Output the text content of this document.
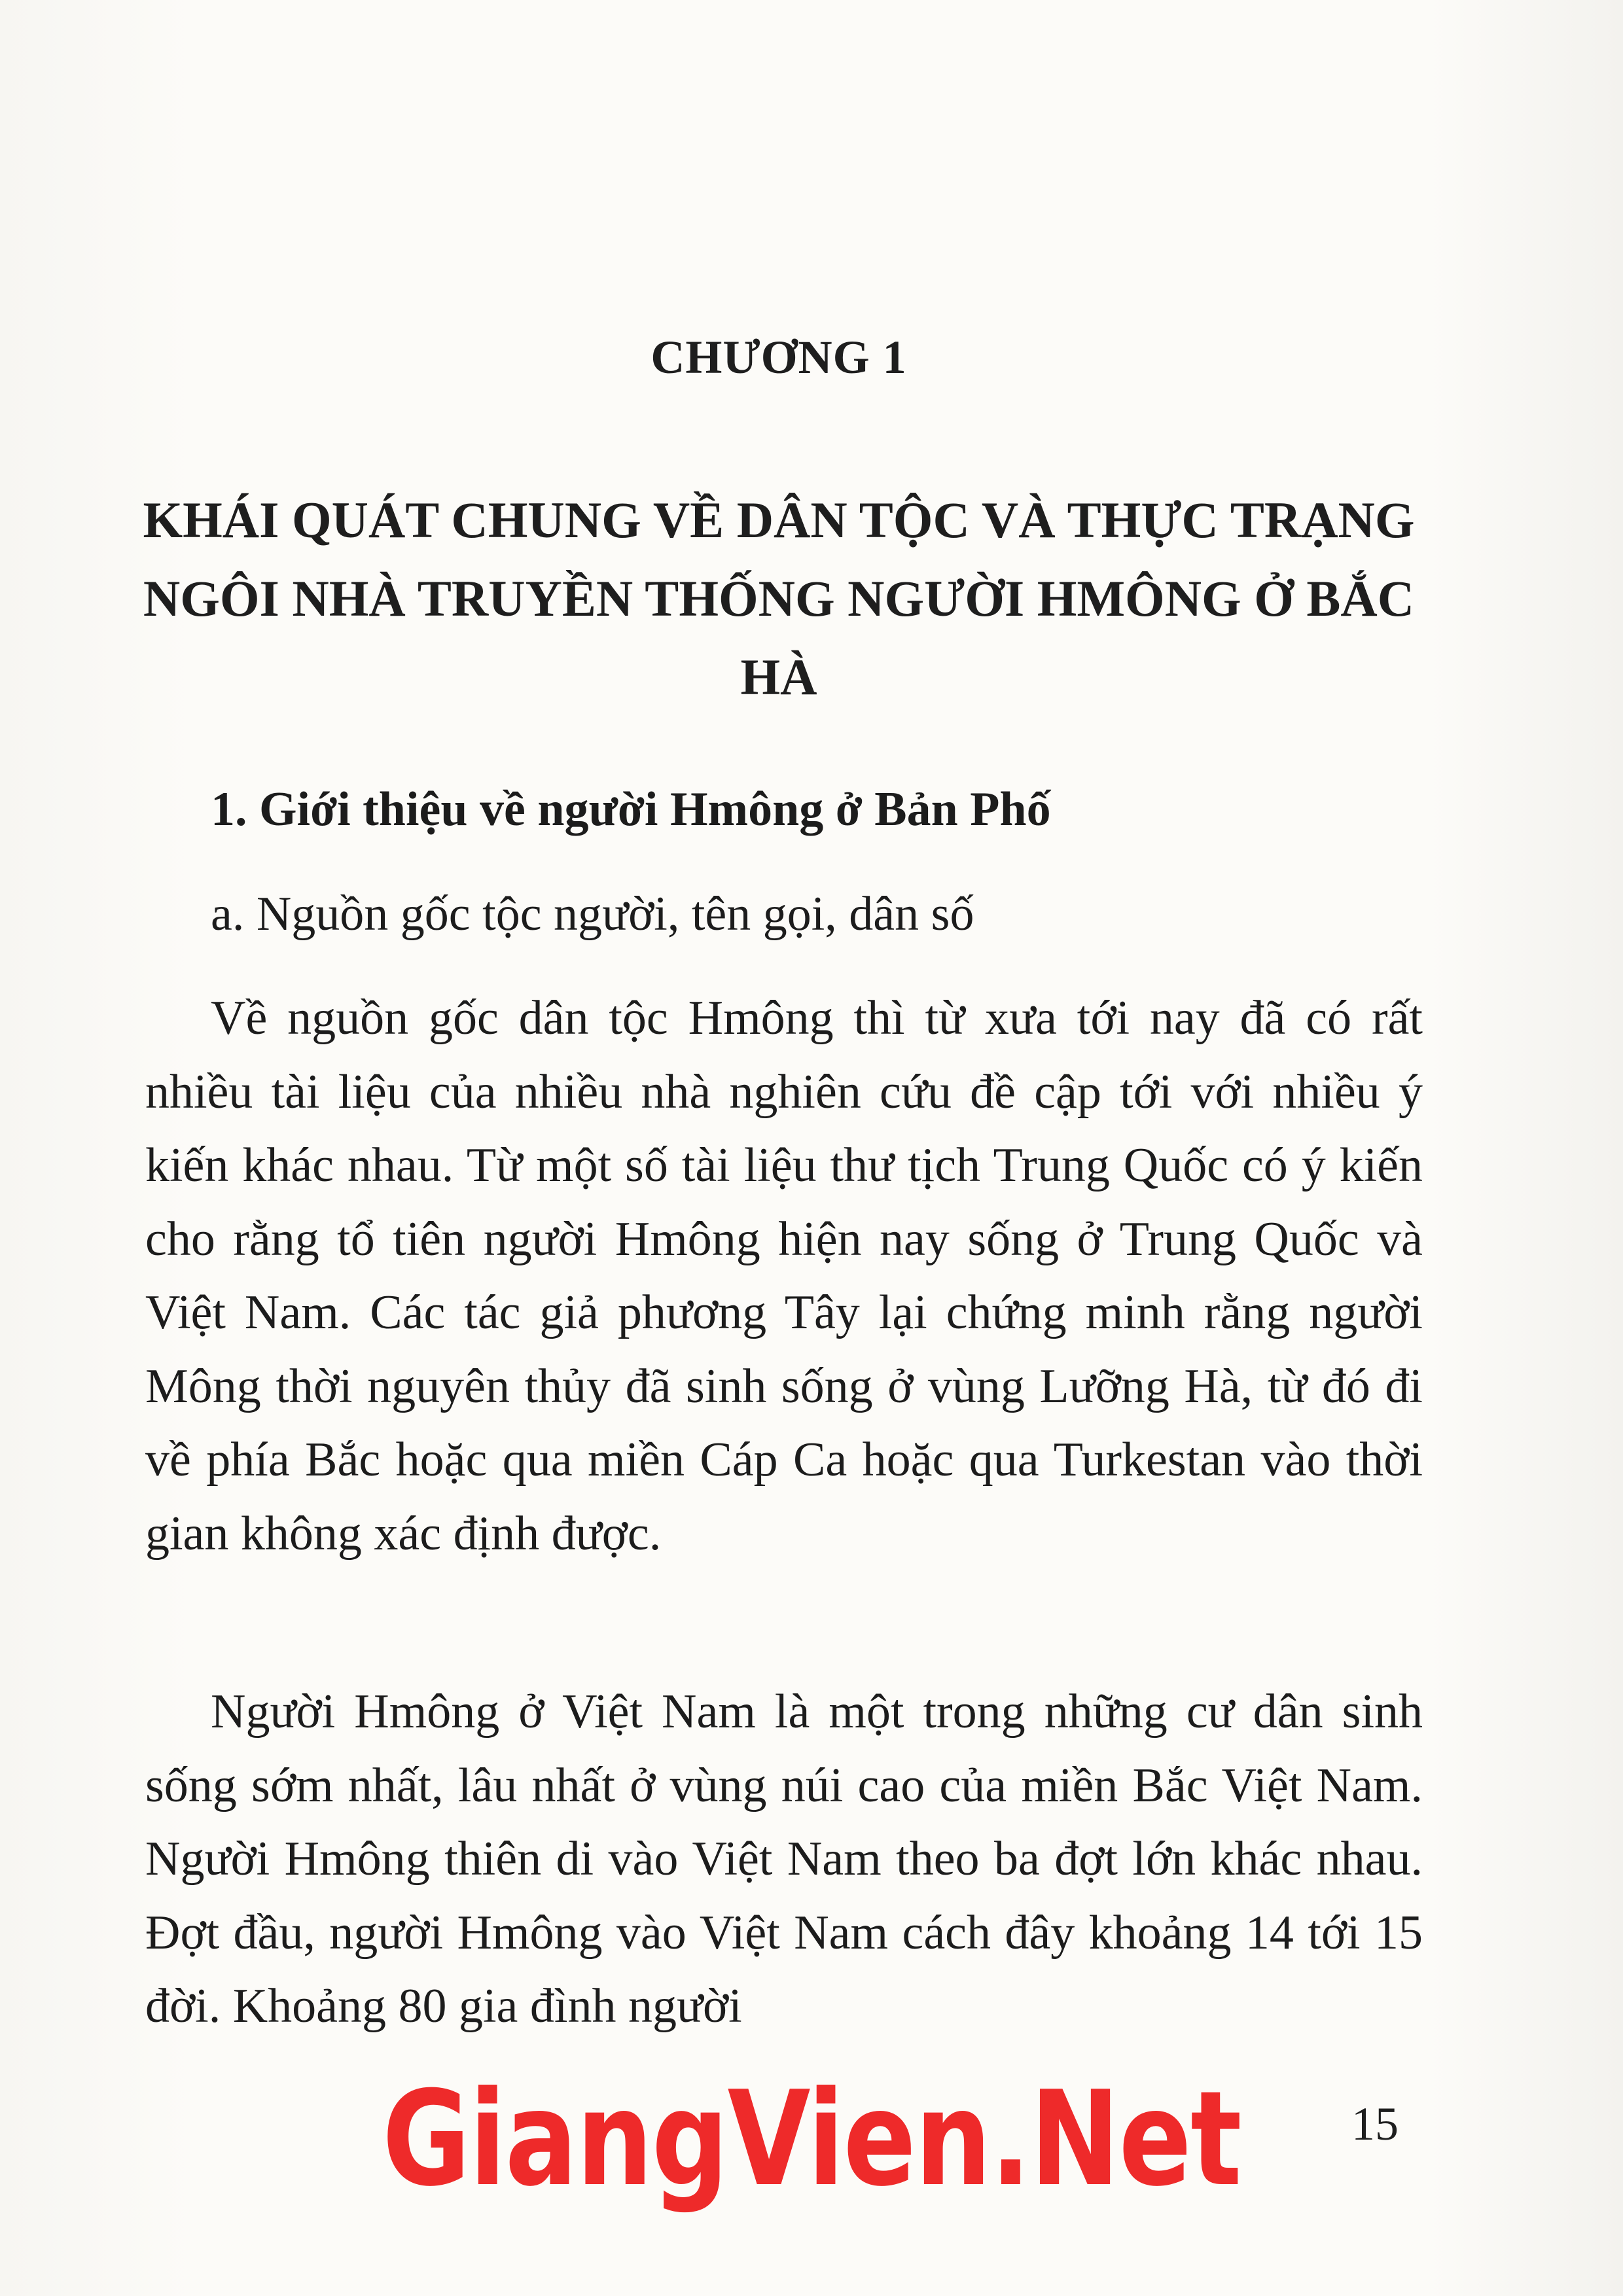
CHƯƠNG 1
KHÁI QUÁT CHUNG VỀ DÂN TỘC VÀ THỰC TRẠNG NGÔI NHÀ TRUYỀN THỐNG NGƯỜI HMÔNG Ở BẮC HÀ
1. Giới thiệu về người Hmông ở Bản Phố

a. Nguồn gốc tộc người, tên gọi, dân số

Về nguồn gốc dân tộc Hmông thì từ xưa tới nay đã có rất nhiều tài liệu của nhiều nhà nghiên cứu đề cập tới với nhiều ý kiến khác nhau. Từ một số tài liệu thư tịch Trung Quốc có ý kiến cho rằng tổ tiên người Hmông hiện nay sống ở Trung Quốc và Việt Nam. Các tác giả phương Tây lại chứng minh rằng người Mông thời nguyên thủy đã sinh sống ở vùng Lưỡng Hà, từ đó đi về phía Bắc hoặc qua miền Cáp Ca hoặc qua Turkestan vào thời gian không xác định được.

Người Hmông ở Việt Nam là một trong những cư dân sinh sống sớm nhất, lâu nhất ở vùng núi cao của miền Bắc Việt Nam. Người Hmông thiên di vào Việt Nam theo ba đợt lớn khác nhau. Đợt đầu, người Hmông vào Việt Nam cách đây khoảng 14 tới 15 đời. Khoảng 80 gia đình người

GiangVien.Net	15
